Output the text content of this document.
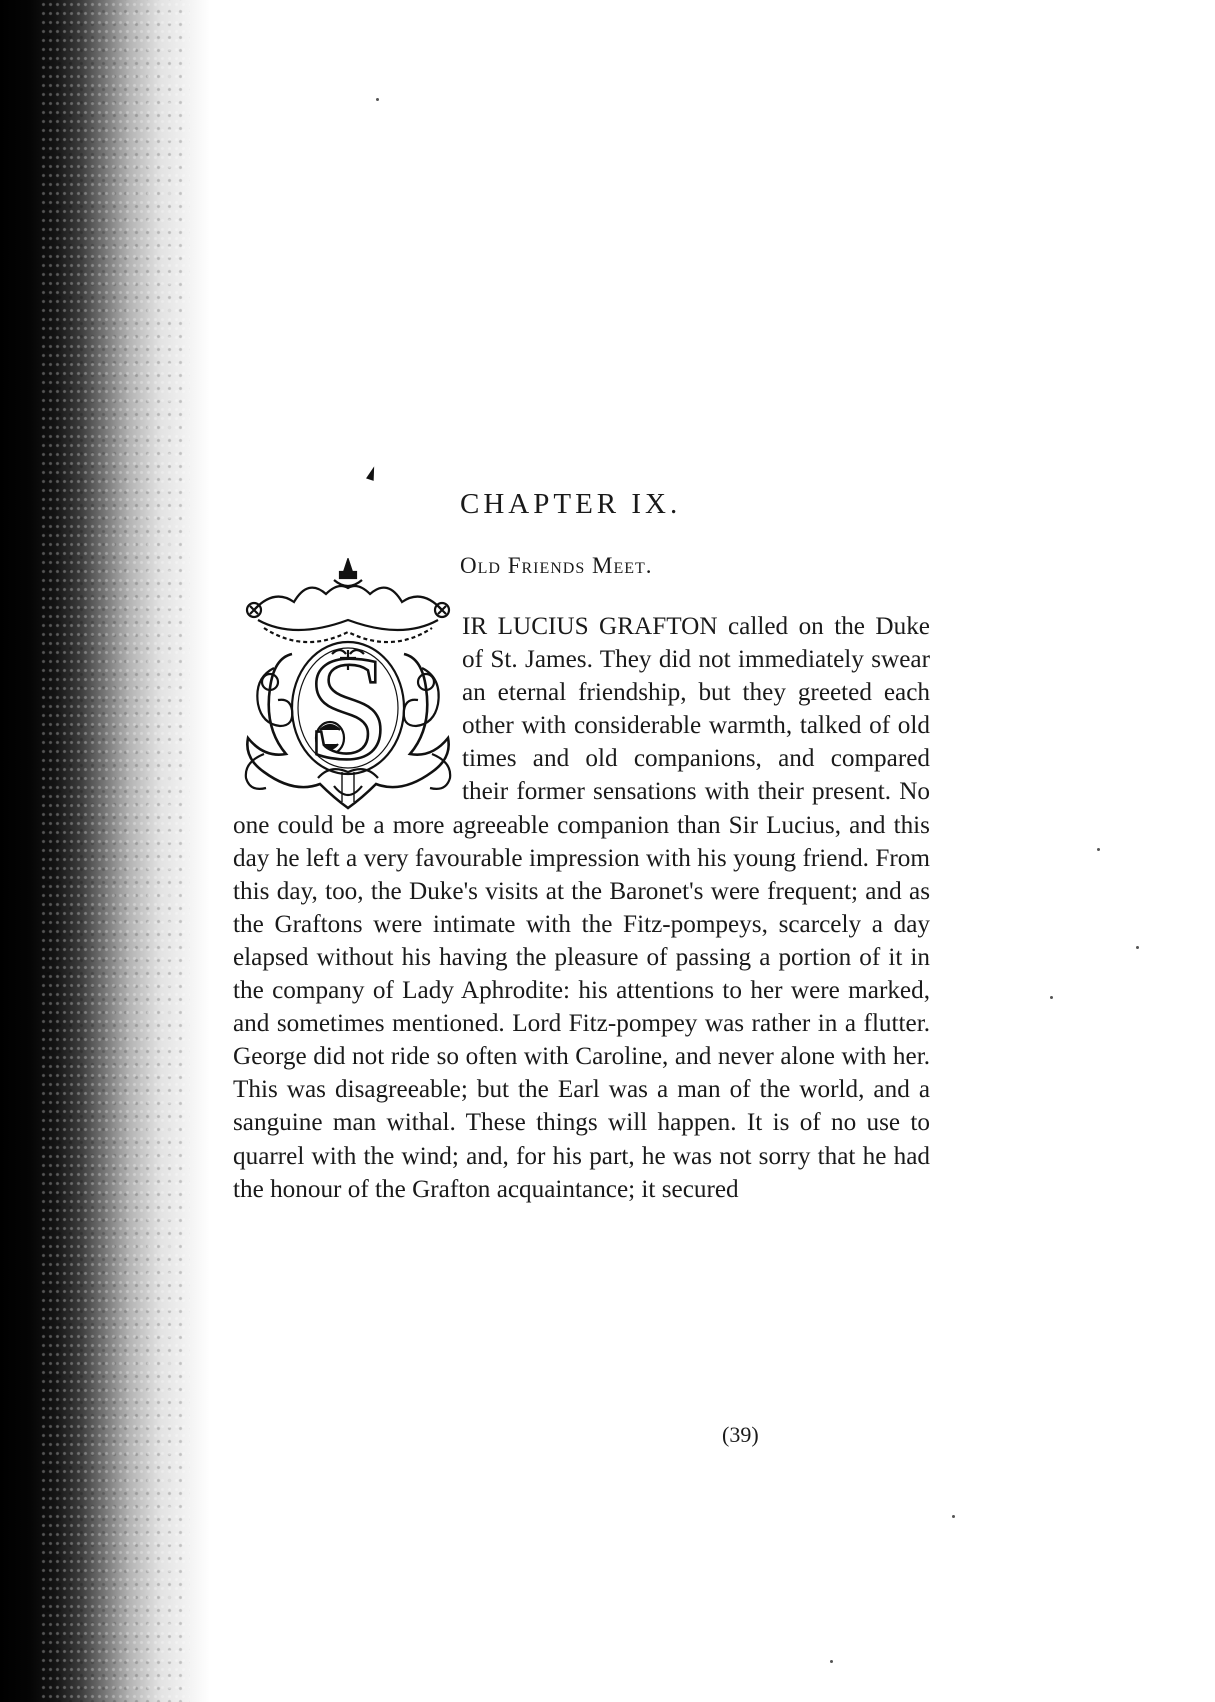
CHAPTER IX.
Old Friends Meet.
S	IR LUCIUS GRAFTON called on the Duke of St. James. They did not immediately swear an eternal friendship, but they greeted each other with considerable warmth, talked of old times and old companions, and compared their former sensations with their present. No one could be a more agreeable companion than Sir Lucius, and this day he left a very favourable impression with his young friend. From this day, too, the Duke's visits at the Baronet's were frequent; and as the Graftons were intimate with the Fitz-pompeys, scarcely a day elapsed without his having the pleasure of passing a portion of it in the company of Lady Aphrodite: his attentions to her were marked, and sometimes mentioned. Lord Fitz-pompey was rather in a flutter. George did not ride so often with Caroline, and never alone with her. This was disagreeable; but the Earl was a man of the world, and a sanguine man withal. These things will happen. It is of no use to quarrel with the wind; and, for his part, he was not sorry that he had the honour of the Grafton acquaintance; it secured

(39)
